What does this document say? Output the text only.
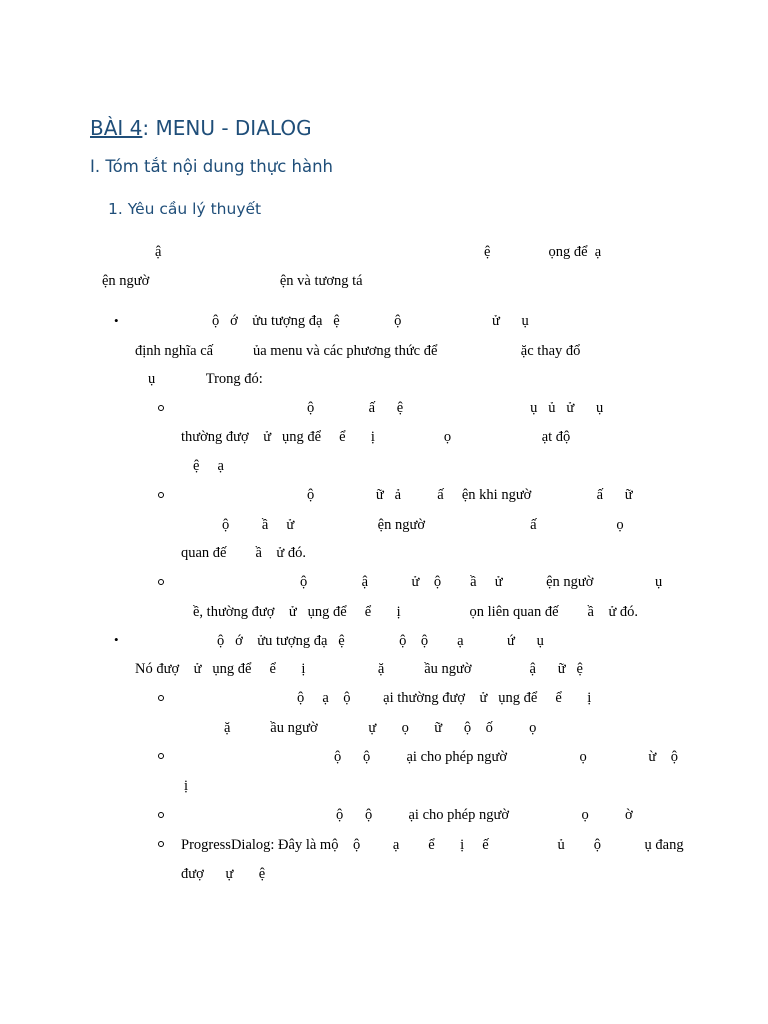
BÀI 4: MENU - DIALOG
I. Tóm tắt nội dung thực hành
1. Yêu cầu lý thuyết
ậ                                                                                         ệ                ọng để  ạ
ện ngườ                                    ện và tương tá
•	ộ   ớ    ửu tượng đạ   ệ               ộ                         ử      ụ
định nghĩa cấ           ủa menu và các phương thức để                       ặc thay đổ
ụ              Trong đó:
ộ               ấ      ệ                                   ụ   ủ   ử      ụ
thường đượ    ử   ụng để     ể       ị                   ọ                         ạt độ
ệ     ạ
ộ                 ữ   ả          ấ     ện khi ngườ                  ấ      ữ
ộ         ầ     ử                       ện ngườ                             ấ                      ọ
quan đế        ầ    ử đó.
ộ               ậ            ử    ộ        ầ     ử            ện ngườ                 ụ
ề, thường đượ    ử   ụng để     ể       ị                   ọn liên quan đế        ầ    ử đó.
•	ộ   ớ    ửu tượng đạ   ệ               ộ    ộ        ạ            ứ      ụ
Nó đượ    ử   ụng để     ể       ị                    ặ           ầu ngườ                ậ      ữ   ệ
ộ     ạ    ộ         ại thường đượ    ử   ụng để     ể       ị
ặ           ầu ngườ              ự       ọ       ữ      ộ    ố          ọ
ộ      ộ          ại cho phép ngườ                    ọ                 ừ    ộ
ị
ộ      ộ          ại cho phép ngườ                    ọ          ờ
ProgressDialog: Đây là mộ    ộ         ạ        ể       ị     ế                   ủ        ộ            ụ đang
đượ      ự       ệ
